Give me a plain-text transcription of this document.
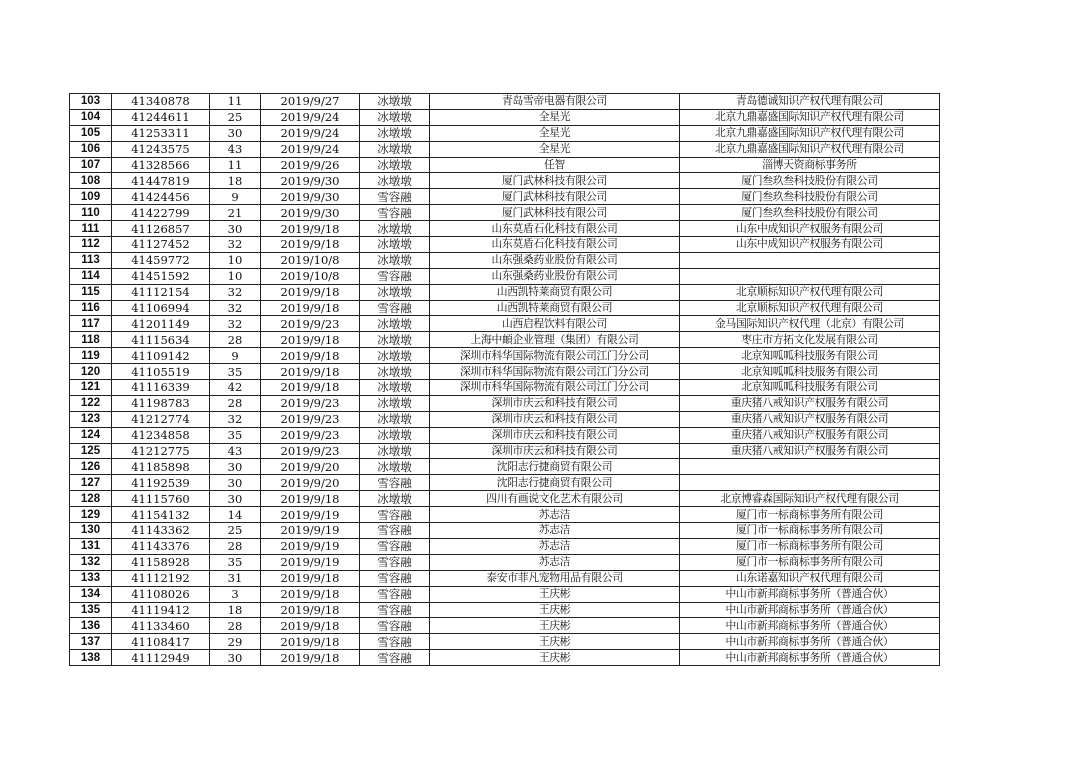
103	41340878	11	2019/9/27	冰墩墩	青岛雪帝电器有限公司	青岛德诚知识产权代理有限公司
104	41244611	25	2019/9/24	冰墩墩	全星光	北京九鼎嘉盛国际知识产权代理有限公司
105	41253311	30	2019/9/24	冰墩墩	全星光	北京九鼎嘉盛国际知识产权代理有限公司
106	41243575	43	2019/9/24	冰墩墩	全星光	北京九鼎嘉盛国际知识产权代理有限公司
107	41328566	11	2019/9/26	冰墩墩	任智	淄博天资商标事务所
108	41447819	18	2019/9/30	冰墩墩	厦门武林科技有限公司	厦门叁玖叁科技股份有限公司
109	41424456	9	2019/9/30	雪容融	厦门武林科技有限公司	厦门叁玖叁科技股份有限公司
110	41422799	21	2019/9/30	雪容融	厦门武林科技有限公司	厦门叁玖叁科技股份有限公司
111	41126857	30	2019/9/18	冰墩墩	山东莫盾石化科技有限公司	山东中成知识产权服务有限公司
112	41127452	32	2019/9/18	冰墩墩	山东莫盾石化科技有限公司	山东中成知识产权服务有限公司
113	41459772	10	2019/10/8	冰墩墩	山东强桑药业股份有限公司	
114	41451592	10	2019/10/8	雪容融	山东强桑药业股份有限公司	
115	41112154	32	2019/9/18	冰墩墩	山西凯特莱商贸有限公司	北京顺标知识产权代理有限公司
116	41106994	32	2019/9/18	雪容融	山西凯特莱商贸有限公司	北京顺标知识产权代理有限公司
117	41201149	32	2019/9/23	冰墩墩	山西启程饮料有限公司	金马国际知识产权代理（北京）有限公司
118	41115634	28	2019/9/18	冰墩墩	上海中頔企业管理（集团）有限公司	枣庄市方拓文化发展有限公司
119	41109142	9	2019/9/18	冰墩墩	深圳市科华国际物流有限公司江门分公司	北京知呱呱科技服务有限公司
120	41105519	35	2019/9/18	冰墩墩	深圳市科华国际物流有限公司江门分公司	北京知呱呱科技服务有限公司
121	41116339	42	2019/9/18	冰墩墩	深圳市科华国际物流有限公司江门分公司	北京知呱呱科技服务有限公司
122	41198783	28	2019/9/23	冰墩墩	深圳市庆云和科技有限公司	重庆猪八戒知识产权服务有限公司
123	41212774	32	2019/9/23	冰墩墩	深圳市庆云和科技有限公司	重庆猪八戒知识产权服务有限公司
124	41234858	35	2019/9/23	冰墩墩	深圳市庆云和科技有限公司	重庆猪八戒知识产权服务有限公司
125	41212775	43	2019/9/23	冰墩墩	深圳市庆云和科技有限公司	重庆猪八戒知识产权服务有限公司
126	41185898	30	2019/9/20	冰墩墩	沈阳志行捷商贸有限公司	
127	41192539	30	2019/9/20	雪容融	沈阳志行捷商贸有限公司	
128	41115760	30	2019/9/18	冰墩墩	四川有画说文化艺术有限公司	北京博睿森国际知识产权代理有限公司
129	41154132	14	2019/9/19	雪容融	苏志洁	厦门市一标商标事务所有限公司
130	41143362	25	2019/9/19	雪容融	苏志洁	厦门市一标商标事务所有限公司
131	41143376	28	2019/9/19	雪容融	苏志洁	厦门市一标商标事务所有限公司
132	41158928	35	2019/9/19	雪容融	苏志洁	厦门市一标商标事务所有限公司
133	41112192	31	2019/9/18	雪容融	泰安市菲凡宠物用品有限公司	山东诺嘉知识产权代理有限公司
134	41108026	3	2019/9/18	雪容融	王庆彬	中山市新邦商标事务所（普通合伙）
135	41119412	18	2019/9/18	雪容融	王庆彬	中山市新邦商标事务所（普通合伙）
136	41133460	28	2019/9/18	雪容融	王庆彬	中山市新邦商标事务所（普通合伙）
137	41108417	29	2019/9/18	雪容融	王庆彬	中山市新邦商标事务所（普通合伙）
138	41112949	30	2019/9/18	雪容融	王庆彬	中山市新邦商标事务所（普通合伙）
